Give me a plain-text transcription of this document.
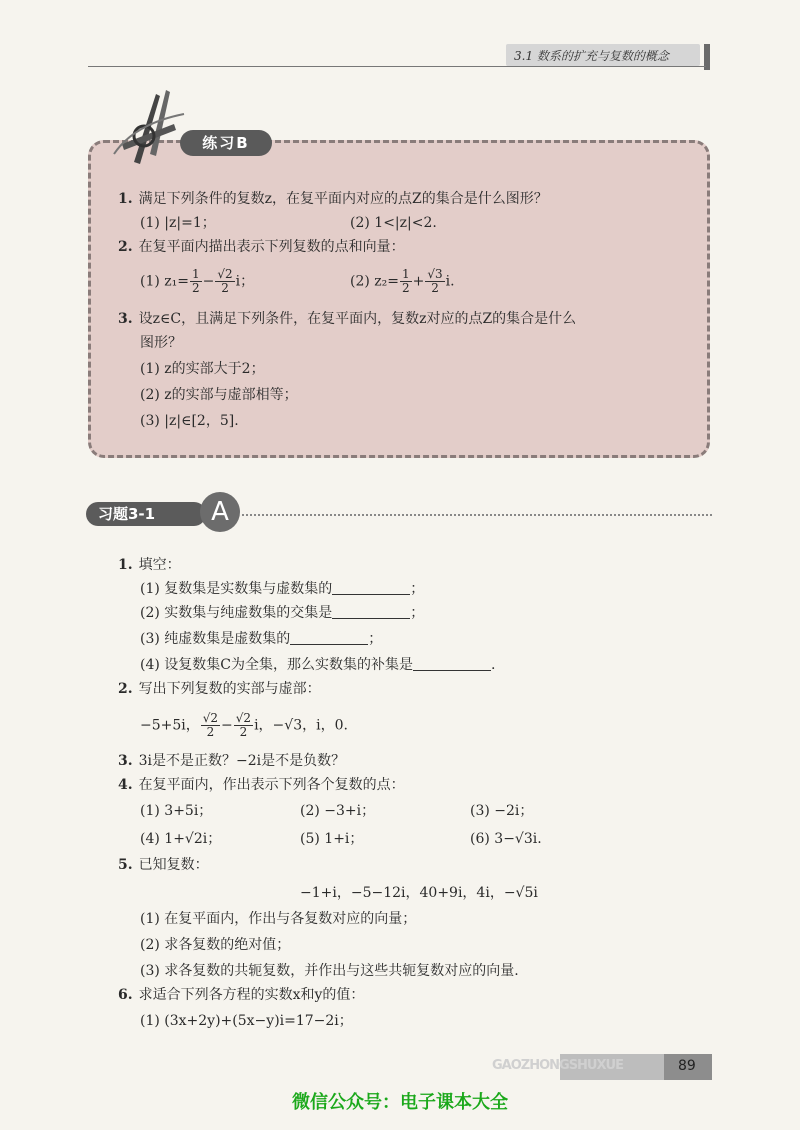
3.1 数系的扩充与复数的概念
练习B
1. 满足下列条件的复数z，在复平面内对应的点Z的集合是什么图形？
(1) |z|=1；	(2) 1<|z|<2.
2. 在复平面内描出表示下列复数的点和向量：
(1) $z_1= \frac{1}{2} - \frac{√2}{2}$ i；	(2) $z_2= \frac{1}{2} + \frac{√3}{2} i$.
3. 设z∈C，且满足下列条件，在复平面内，复数z对应的点Z的集合是什么
图形？
(1) z的实部大于2；
(2) z的实部与虚部相等；
(3) |z|∈[2，5].
习题3-1	A
1. 填空：
(1) 复数集是实数集与虚数集的	；
(2) 实数集与纯虚数集的交集是	；
(3) 纯虚数集是虚数集的	；
(4) 设复数集C为全集，那么实数集的补集是	.
2. 写出下列复数的实部与虚部：
−5+5i， $\frac{√2}{2} - \frac{√2}{2}$ i，−√3，i，0.
3. 3i是不是正数？−2i是不是负数？
4. 在复平面内，作出表示下列各个复数的点：
(1) 3+5i；	(2) −3+i；	(3) −2i；
(4) 1+√2i；	(5) 1+i；	(6) 3−√3i.
5. 已知复数：
−1+i，−5−12i，40+9i，4i，−√5i
(1) 在复平面内，作出与各复数对应的向量；
(2) 求各复数的绝对值；
(3) 求各复数的共轭复数，并作出与这些共轭复数对应的向量.
6. 求适合下列各方程的实数x和y的值：
(1) (3x+2y)+(5x−y)i=17−2i；
GAOZHONGSHUXUE	89
微信公众号：电子课本大全
